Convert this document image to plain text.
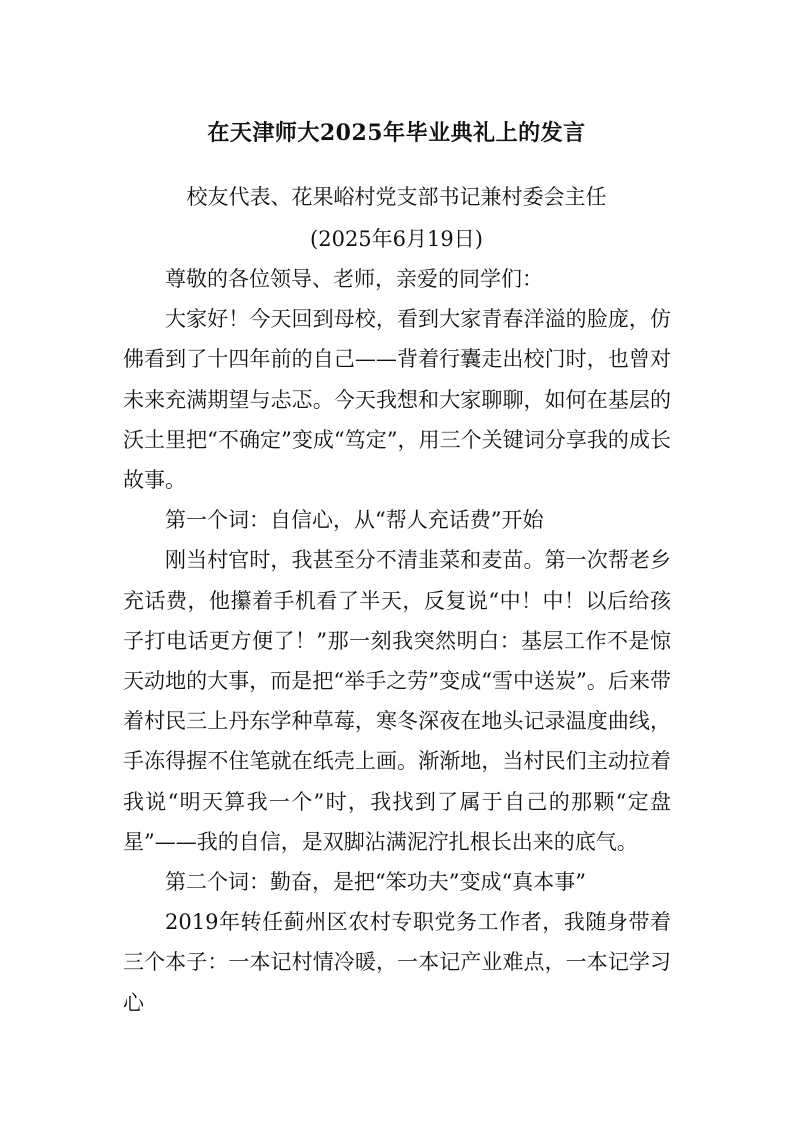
在天津师大2025年毕业典礼上的发言
校友代表、花果峪村党支部书记兼村委会主任
(2025年6月19日)

尊敬的各位领导、老师，亲爱的同学们：

大家好！今天回到母校，看到大家青春洋溢的脸庞，仿佛看到了十四年前的自己——背着行囊走出校门时，也曾对未来充满期望与忐忑。今天我想和大家聊聊，如何在基层的沃土里把“不确定”变成“笃定”，用三个关键词分享我的成长故事。

第一个词：自信心，从“帮人充话费”开始

刚当村官时，我甚至分不清韭菜和麦苗。第一次帮老乡充话费，他攥着手机看了半天，反复说“中！中！以后给孩子打电话更方便了！”那一刻我突然明白：基层工作不是惊天动地的大事，而是把“举手之劳”变成“雪中送炭”。后来带着村民三上丹东学种草莓，寒冬深夜在地头记录温度曲线，手冻得握不住笔就在纸壳上画。渐渐地，当村民们主动拉着我说“明天算我一个”时，我找到了属于自己的那颗“定盘星”——我的自信，是双脚沾满泥泞扎根长出来的底气。

第二个词：勤奋，是把“笨功夫”变成“真本事”

2019年转任蓟州区农村专职党务工作者，我随身带着三个本子：一本记村情冷暖，一本记产业难点，一本记学习心
